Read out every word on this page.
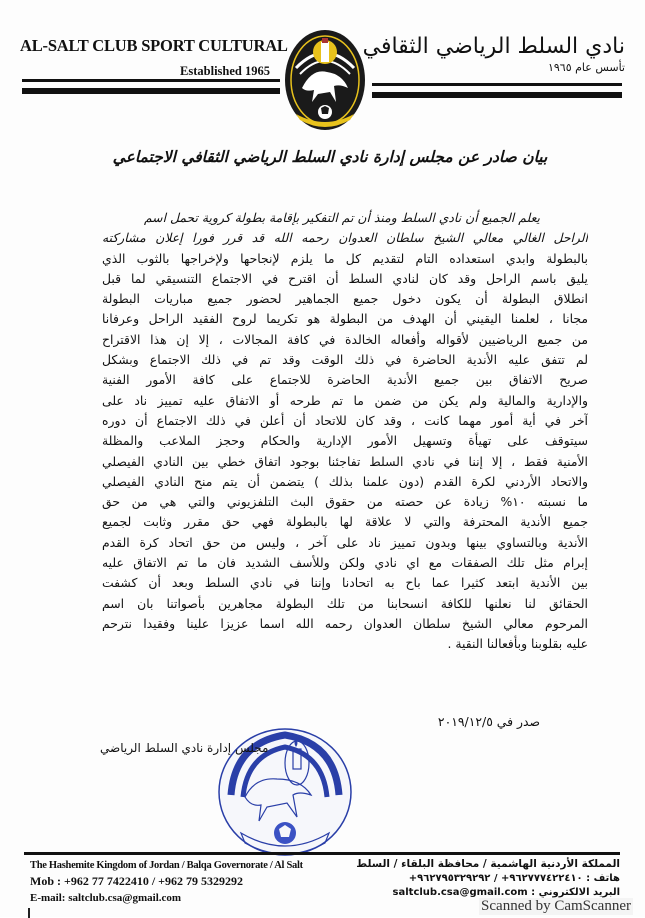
AL-SALT CLUB SPORT CULTURAL
Established 1965
نادي السلط الرياضي الثقافي
تأسس عام ١٩٦٥
بيان صادر عن مجلس إدارة نادي السلط الرياضي الثقافي الاجتماعي
يعلم الجميع أن نادي السلط ومنذ أن تم التفكير بإقامة بطولة كروية تحمل اسم
الراحل الغالي معالي الشيخ سلطان العدوان رحمه الله قد قرر فورا إعلان مشاركته
بالبطولة وابدي استعداده التام لتقديم كل ما يلزم لإنجاحها ولإخراجها بالثوب الذي
يليق باسم الراحل وقد كان لنادي السلط أن اقترح في الاجتماع التنسيقي لما قبل
انطلاق البطولة أن يكون دخول جميع الجماهير لحضور جميع مباريات البطولة
مجانا ، لعلمنا اليقيني أن الهدف من البطولة هو تكريما لروح الفقيد الراحل وعرفانا
من جميع الرياضيين لأقواله وأفعاله الخالدة في كافة المجالات ، إلا إن هذا الاقتراح
لم تتفق عليه الأندية الحاضرة في ذلك الوقت وقد تم في ذلك الاجتماع وبشكل
صريح الاتفاق بين جميع الأندية الحاضرة للاجتماع على كافة الأمور الفنية
والإدارية والمالية ولم يكن من ضمن ما تم طرحه أو الاتفاق عليه تمييز ناد على
آخر في أية أمور مهما كانت ، وقد كان للاتحاد أن أعلن في ذلك الاجتماع أن دوره
سيتوقف على تهيأة وتسهيل الأمور الإدارية والحكام وحجز الملاعب والمظلة
الأمنية فقط ، إلا إننا في نادي السلط تفاجئنا بوجود اتفاق خطي بين النادي الفيصلي
والاتحاد الأردني لكرة القدم (دون علمنا بذلك ) يتضمن أن يتم منح النادي الفيصلي
ما نسبته ١٠% زيادة عن حصته من حقوق البث التلفزيوني والتي هي من حق
جميع الأندية المحترفة والتي لا علاقة لها بالبطولة فهي حق مقرر وثابت لجميع
الأندية وبالتساوي بينها وبدون تمييز ناد على آخر ، وليس من حق اتحاد كرة القدم
إبرام مثل تلك الصفقات مع اي نادي ولكن وللأسف الشديد فان ما تم الاتفاق عليه
بين الأندية ابتعد كثيرا عما باح به اتحادنا وإننا في نادي السلط وبعد أن كشفت
الحقائق لنا نعلنها للكافة انسحابنا من تلك البطولة مجاهرين بأصواتنا بان اسم
المرحوم معالي الشيخ سلطان العدوان رحمه الله اسما عزيزا علينا وفقيدا نترحم
عليه بقلوبنا وبأفعالنا النقية .
صدر في ٢٠١٩/١٢/٥
مجلس إدارة نادي السلط الرياضي
The Hashemite Kingdom of Jordan / Balqa Governorate / Al Salt
Mob : +962 77 7422410 / +962 79 5329292
E-mail: saltclub.csa@gmail.com
المملكة الأردنية الهاشمية / محافظة البلقاء / السلط
هاتف : ٩٦٢٧٧٧٤٢٢٤١٠+ / ٩٦٢٧٩٥٣٢٩٢٩٢+
البريد الالكتروني : saltclub.csa@gmail.com
Scanned by CamScanner
